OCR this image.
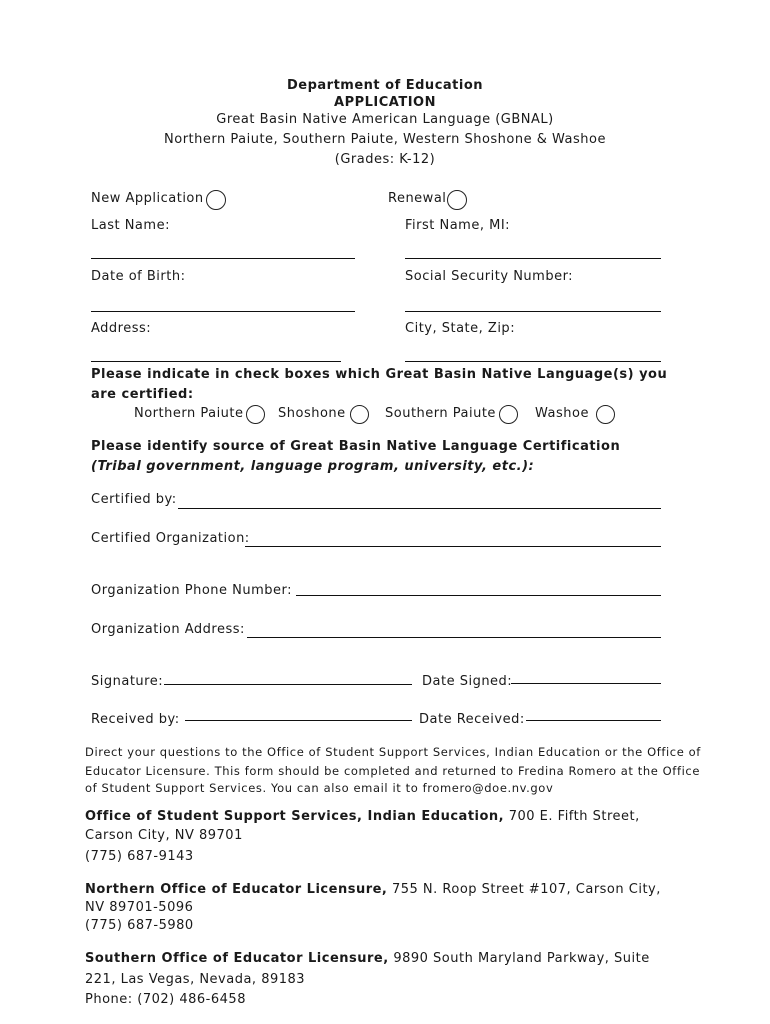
Department of Education
APPLICATION
Great Basin Native American Language (GBNAL)
Northern Paiute, Southern Paiute, Western Shoshone & Washoe
(Grades: K-12)
New Application	Renewal
Last Name:	First Name, MI:
Date of Birth:	Social Security Number:
Address:	City, State, Zip:
Please indicate in check boxes which Great Basin Native Language(s) you
are certified:
Northern Paiute	Shoshone	Southern Paiute	Washoe
Please identify source of Great Basin Native Language Certification
(Tribal government, language program, university, etc.):
Certified by:
Certified Organization:
Organization Phone Number:
Organization Address:
Signature:	Date Signed:
Received by:	Date Received:
Direct your questions to the Office of Student Support Services, Indian Education or the Office of
Educator Licensure. This form should be completed and returned to Fredina Romero at the Office
of Student Support Services. You can also email it to fromero@doe.nv.gov
Office of Student Support Services, Indian Education, 700 E. Fifth Street,
Carson City, NV 89701
(775) 687-9143
Northern Office of Educator Licensure, 755 N. Roop Street #107, Carson City,
NV 89701-5096
(775) 687-5980
Southern Office of Educator Licensure, 9890 South Maryland Parkway, Suite
221, Las Vegas, Nevada, 89183
Phone: (702) 486-6458
